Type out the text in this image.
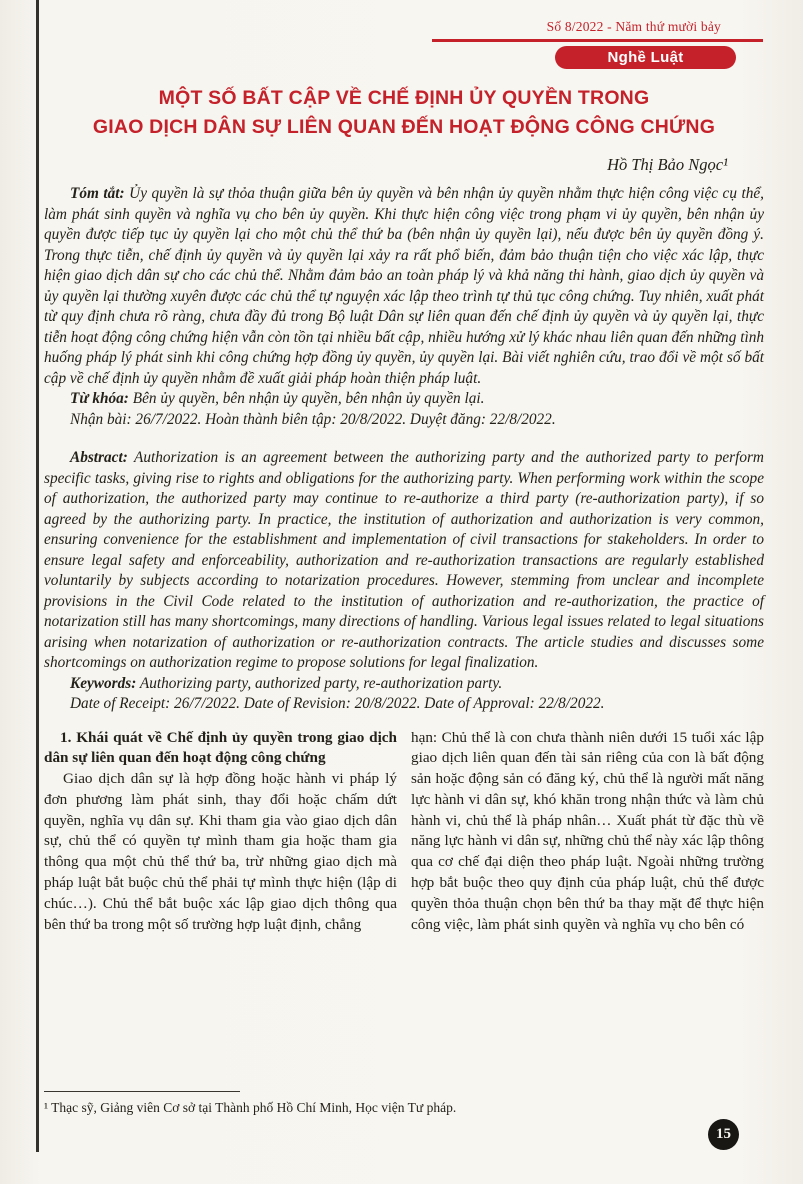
Số 8/2022 - Năm thứ mười bảy
Nghề Luật
MỘT SỐ BẤT CẬP VỀ CHẾ ĐỊNH ỦY QUYỀN TRONG
GIAO DỊCH DÂN SỰ LIÊN QUAN ĐẾN HOẠT ĐỘNG CÔNG CHỨNG
Hồ Thị Bảo Ngọc¹

Tóm tắt: Ủy quyền là sự thỏa thuận giữa bên ủy quyền và bên nhận ủy quyền nhằm thực hiện công việc cụ thể, làm phát sinh quyền và nghĩa vụ cho bên ủy quyền. Khi thực hiện công việc trong phạm vi ủy quyền, bên nhận ủy quyền được tiếp tục ủy quyền lại cho một chủ thể thứ ba (bên nhận ủy quyền lại), nếu được bên ủy quyền đồng ý. Trong thực tiễn, chế định ủy quyền và ủy quyền lại xảy ra rất phổ biến, đảm bảo thuận tiện cho việc xác lập, thực hiện giao dịch dân sự cho các chủ thể. Nhằm đảm bảo an toàn pháp lý và khả năng thi hành, giao dịch ủy quyền và ủy quyền lại thường xuyên được các chủ thể tự nguyện xác lập theo trình tự thủ tục công chứng. Tuy nhiên, xuất phát từ quy định chưa rõ ràng, chưa đầy đủ trong Bộ luật Dân sự liên quan đến chế định ủy quyền và ủy quyền lại, thực tiễn hoạt động công chứng hiện vẫn còn tồn tại nhiều bất cập, nhiều hướng xử lý khác nhau liên quan đến những tình huống pháp lý phát sinh khi công chứng hợp đồng ủy quyền, ủy quyền lại. Bài viết nghiên cứu, trao đổi về một số bất cập về chế định ủy quyền nhằm đề xuất giải pháp hoàn thiện pháp luật.

Từ khóa: Bên ủy quyền, bên nhận ủy quyền, bên nhận ủy quyền lại.

Nhận bài: 26/7/2022. Hoàn thành biên tập: 20/8/2022. Duyệt đăng: 22/8/2022.

Abstract: Authorization is an agreement between the authorizing party and the authorized party to perform specific tasks, giving rise to rights and obligations for the authorizing party. When performing work within the scope of authorization, the authorized party may continue to re-authorize a third party (re-authorization party), if so agreed by the authorizing party. In practice, the institution of authorization and authorization is very common, ensuring convenience for the establishment and implementation of civil transactions for stakeholders. In order to ensure legal safety and enforceability, authorization and re-authorization transactions are regularly established voluntarily by subjects according to notarization procedures. However, stemming from unclear and incomplete provisions in the Civil Code related to the institution of authorization and re-authorization, the practice of notarization still has many shortcomings, many directions of handling. Various legal issues related to legal situations arising when notarization of authorization or re-authorization contracts. The article studies and discusses some shortcomings on authorization regime to propose solutions for legal finalization.

Keywords: Authorizing party, authorized party, re-authorization party.

Date of Receipt: 26/7/2022. Date of Revision: 20/8/2022. Date of Approval: 22/8/2022.

1. Khái quát về Chế định ủy quyền trong giao dịch dân sự liên quan đến hoạt động công chứng

Giao dịch dân sự là hợp đồng hoặc hành vi pháp lý đơn phương làm phát sinh, thay đổi hoặc chấm dứt quyền, nghĩa vụ dân sự. Khi tham gia vào giao dịch dân sự, chủ thể có quyền tự mình tham gia hoặc tham gia thông qua một chủ thể thứ ba, trừ những giao dịch mà pháp luật bắt buộc chủ thể phải tự mình thực hiện (lập di chúc…). Chủ thể bắt buộc xác lập giao dịch thông qua bên thứ ba trong một số trường hợp luật định, chẳng

hạn: Chủ thể là con chưa thành niên dưới 15 tuổi xác lập giao dịch liên quan đến tài sản riêng của con là bất động sản hoặc động sản có đăng ký, chủ thể là người mất năng lực hành vi dân sự, khó khăn trong nhận thức và làm chủ hành vi, chủ thể là pháp nhân… Xuất phát từ đặc thù về năng lực hành vi dân sự, những chủ thể này xác lập thông qua cơ chế đại diện theo pháp luật. Ngoài những trường hợp bắt buộc theo quy định của pháp luật, chủ thể được quyền thỏa thuận chọn bên thứ ba thay mặt để thực hiện công việc, làm phát sinh quyền và nghĩa vụ cho bên có

¹ Thạc sỹ, Giảng viên Cơ sở tại Thành phố Hồ Chí Minh, Học viện Tư pháp.
15
